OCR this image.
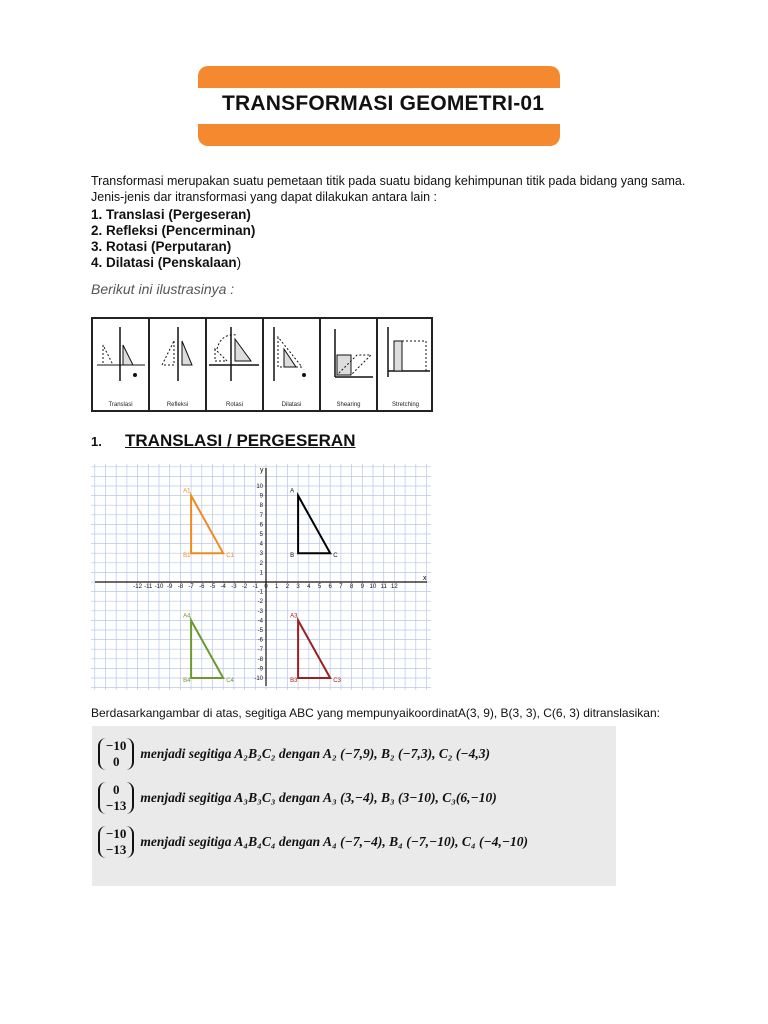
TRANSFORMASI GEOMETRI-01
Transformasi merupakan suatu pemetaan titik pada suatu bidang kehimpunan titik pada bidang yang sama.
Jenis-jenis dar itransformasi yang dapat dilakukan antara lain :
1. Translasi (Pergeseran)
2. Refleksi (Pencerminan)
3. Rotasi (Perputaran)
4. Dilatasi (Penskalaan)
Berikut ini ilustrasinya :
Translasi	Refleksi	Rotasi	Dilatasi	Shearing	Stretching
1. TRANSLASI / PERGESERAN
x
y
-12 -11 -10 -9 -8 -7 -6 -5 -4 -3 -2 -1 0 1 2 3 4 5 6 7 8 9 10 11 12
10
9
8
7
6
5
4
3
2
1
-1
-2
-3
-4
-5
-6
-7
-8
-9
-10
A
B	C
A1
B1	C1
A3
B3	C3
A4
B4	C4
Berdasarkangambar di atas, segitiga ABC yang mempunyaikoordinatA(3, 9), B(3, 3), C(6, 3) ditranslasikan:
−10
0
menjadi segitiga A₂B₂C₂ dengan A₂ (−7,9), B₂ (−7,3), C₂ (−4,3)
0
−13
menjadi segitiga A₃B₃C₃ dengan A₃ (3,−4), B₃ (3−10), C₃(6,−10)
−10
−13
menjadi segitiga A₄B₄C₄ dengan A₄ (−7,−4), B₄ (−7,−10), C₄ (−4,−10)
